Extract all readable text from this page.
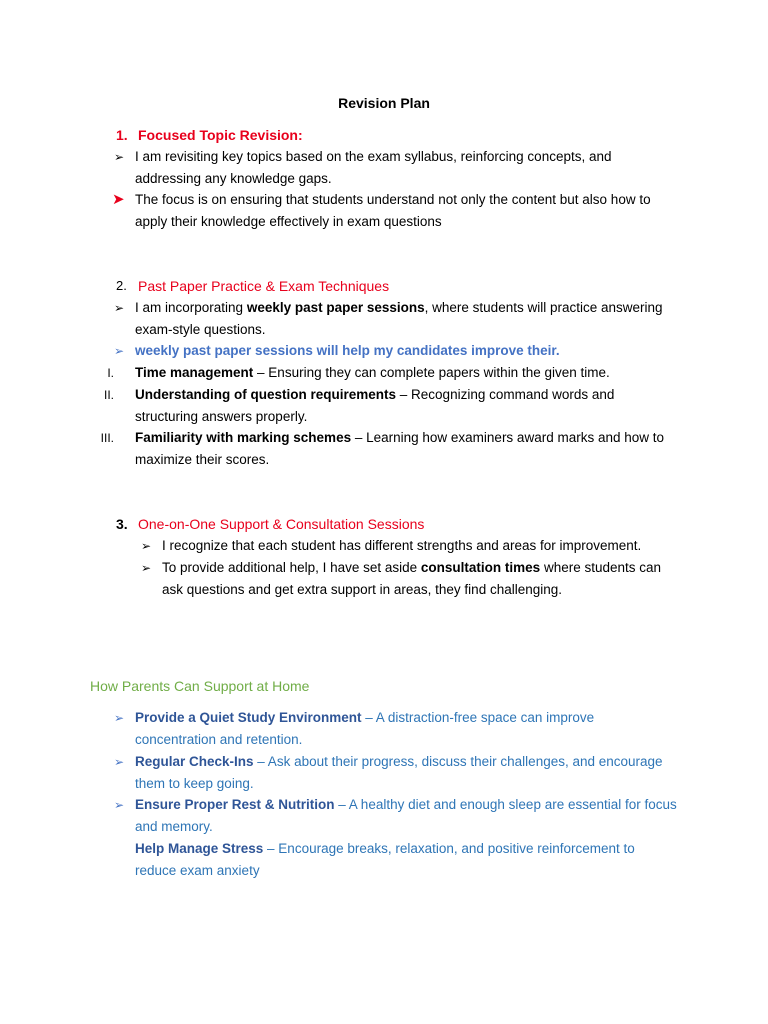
Revision Plan
1. Focused Topic Revision:
➢ I am revisiting key topics based on the exam syllabus, reinforcing concepts, and
addressing any knowledge gaps.
➤ The focus is on ensuring that students understand not only the content but also how to
apply their knowledge effectively in exam questions
2. Past Paper Practice & Exam Techniques
➢ I am incorporating weekly past paper sessions, where students will practice answering
exam-style questions.
➢ weekly past paper sessions will help my candidates improve their.
I. Time management – Ensuring they can complete papers within the given time.
II. Understanding of question requirements – Recognizing command words and
structuring answers properly.
III. Familiarity with marking schemes – Learning how examiners award marks and how to
maximize their scores.
3. One-on-One Support & Consultation Sessions
➢ I recognize that each student has different strengths and areas for improvement.
➢ To provide additional help, I have set aside consultation times where students can
ask questions and get extra support in areas, they find challenging.
How Parents Can Support at Home
➢ Provide a Quiet Study Environment – A distraction-free space can improve
concentration and retention.
➢ Regular Check-Ins – Ask about their progress, discuss their challenges, and encourage
them to keep going.
➢ Ensure Proper Rest & Nutrition – A healthy diet and enough sleep are essential for focus
and memory.
Help Manage Stress – Encourage breaks, relaxation, and positive reinforcement to
reduce exam anxiety
